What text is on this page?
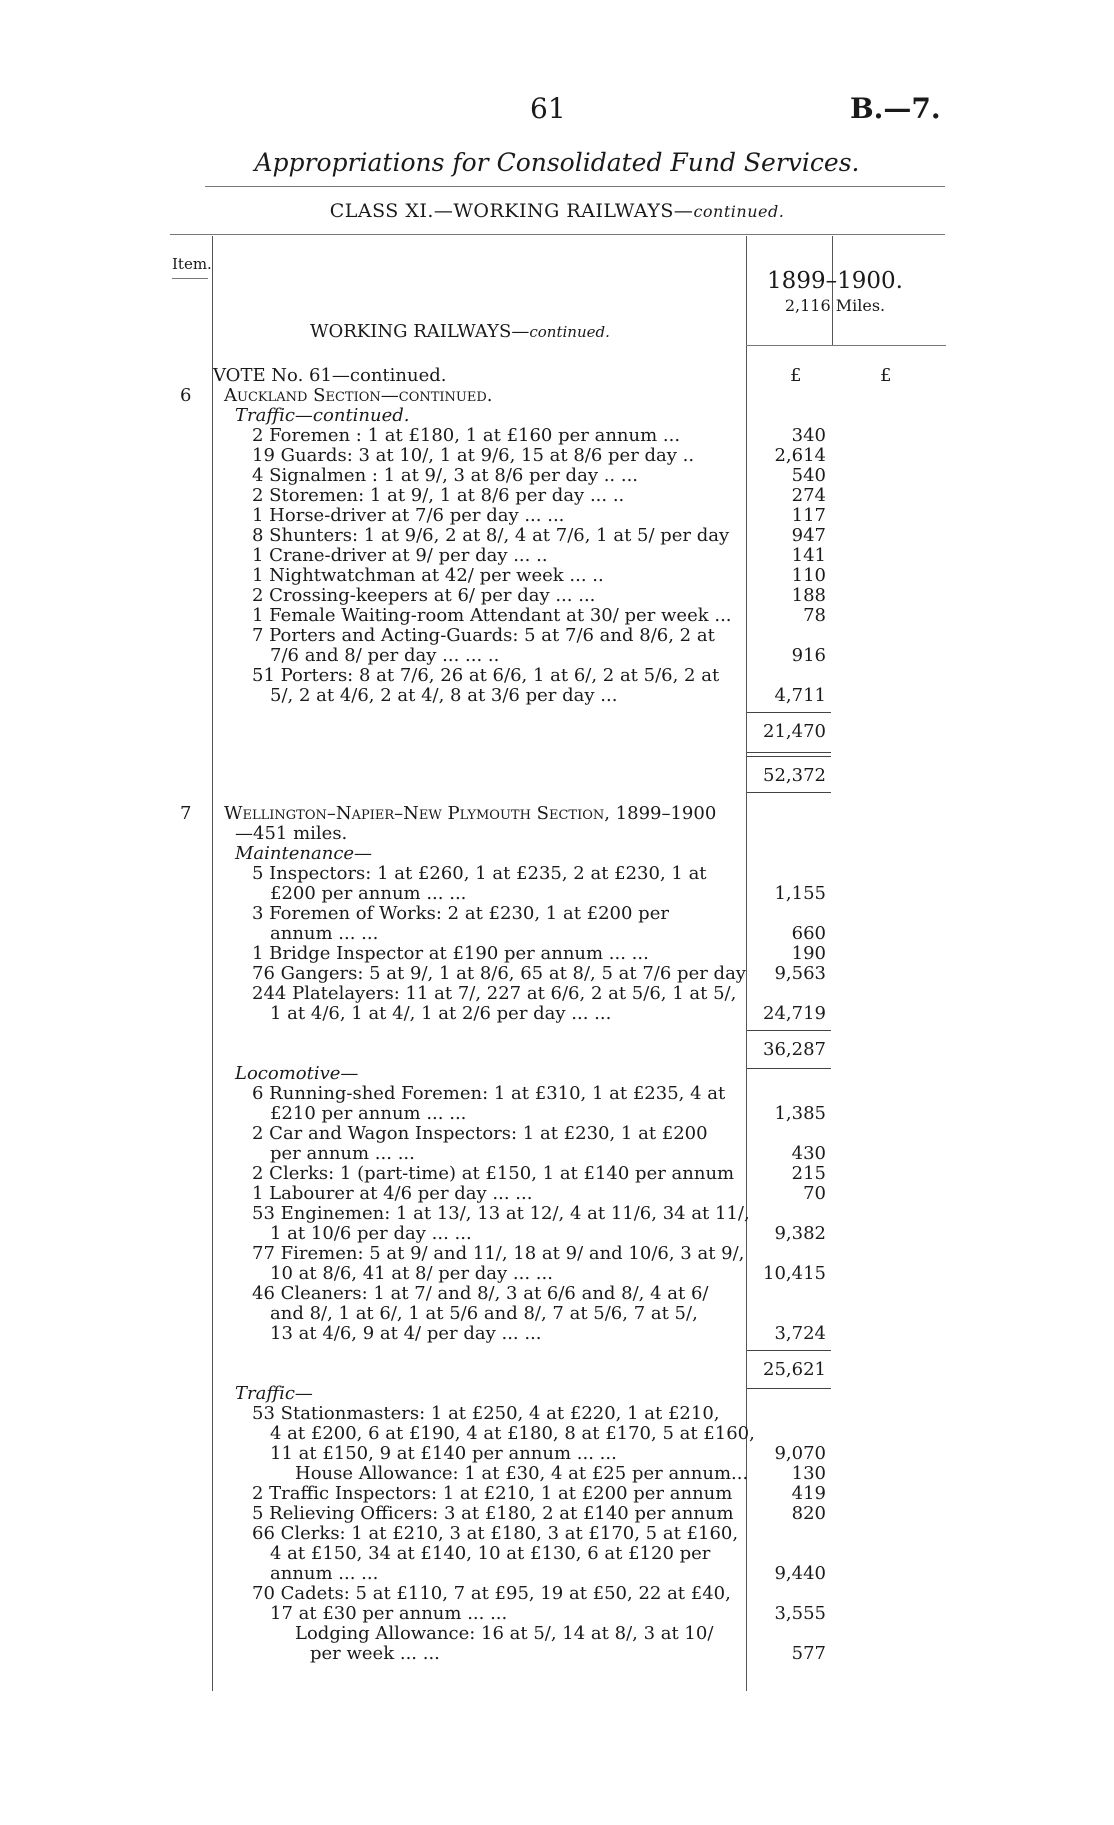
61	B.—7.
Appropriations for Consolidated Fund Services.
CLASS XI.—WORKING RAILWAYS—continued.
Item.
1899–1900.
2,116 Miles.
WORKING RAILWAYS—continued.
£	£
6
VOTE No. 61—continued.
Auckland Section—continued.
Traffic—continued.
2 Foremen : 1 at £180, 1 at £160 per annum ...	340
19 Guards: 3 at 10/, 1 at 9/6, 15 at 8/6 per day ..	2,614
4 Signalmen : 1 at 9/, 3 at 8/6 per day .. ...	540
2 Storemen: 1 at 9/, 1 at 8/6 per day ... ..	274
1 Horse-driver at 7/6 per day ... ...	117
8 Shunters: 1 at 9/6, 2 at 8/, 4 at 7/6, 1 at 5/ per day	947
1 Crane-driver at 9/ per day ... ..	141
1 Nightwatchman at 42/ per week ... ..	110
2 Crossing-keepers at 6/ per day ... ...	188
1 Female Waiting-room Attendant at 30/ per week ...	78
7 Porters and Acting-Guards: 5 at 7/6 and 8/6, 2 at
7/6 and 8/ per day ... ... ..	916
51 Porters: 8 at 7/6, 26 at 6/6, 1 at 6/, 2 at 5/6, 2 at
5/, 2 at 4/6, 2 at 4/, 8 at 3/6 per day ...	4,711
21,470
52,372
7 Wellington–Napier–New Plymouth Section, 1899–1900
—451 miles.
Maintenance—
5 Inspectors: 1 at £260, 1 at £235, 2 at £230, 1 at
£200 per annum ... ...	1,155
3 Foremen of Works: 2 at £230, 1 at £200 per
annum ... ...	660
1 Bridge Inspector at £190 per annum ... ...	190
76 Gangers: 5 at 9/, 1 at 8/6, 65 at 8/, 5 at 7/6 per day	9,563
244 Platelayers: 11 at 7/, 227 at 6/6, 2 at 5/6, 1 at 5/,
1 at 4/6, 1 at 4/, 1 at 2/6 per day ... ...	24,719
36,287
Locomotive—
6 Running-shed Foremen: 1 at £310, 1 at £235, 4 at
£210 per annum ... ...	1,385
2 Car and Wagon Inspectors: 1 at £230, 1 at £200
per annum ... ...	430
2 Clerks: 1 (part-time) at £150, 1 at £140 per annum	215
1 Labourer at 4/6 per day ... ...	70
53 Enginemen: 1 at 13/, 13 at 12/, 4 at 11/6, 34 at 11/,
1 at 10/6 per day ... ...	9,382
77 Firemen: 5 at 9/ and 11/, 18 at 9/ and 10/6, 3 at 9/,
10 at 8/6, 41 at 8/ per day ... ...	10,415
46 Cleaners: 1 at 7/ and 8/, 3 at 6/6 and 8/, 4 at 6/
and 8/, 1 at 6/, 1 at 5/6 and 8/, 7 at 5/6, 7 at 5/,
13 at 4/6, 9 at 4/ per day ... ...	3,724
25,621
Traffic—
53 Stationmasters: 1 at £250, 4 at £220, 1 at £210,
4 at £200, 6 at £190, 4 at £180, 8 at £170, 5 at £160,
11 at £150, 9 at £140 per annum ... ...	9,070
House Allowance: 1 at £30, 4 at £25 per annum...	130
2 Traffic Inspectors: 1 at £210, 1 at £200 per annum	419
5 Relieving Officers: 3 at £180, 2 at £140 per annum	820
66 Clerks: 1 at £210, 3 at £180, 3 at £170, 5 at £160,
4 at £150, 34 at £140, 10 at £130, 6 at £120 per
annum ... ...	9,440
70 Cadets: 5 at £110, 7 at £95, 19 at £50, 22 at £40,
17 at £30 per annum ... ...	3,555
Lodging Allowance: 16 at 5/, 14 at 8/, 3 at 10/
per week ... ...	577
